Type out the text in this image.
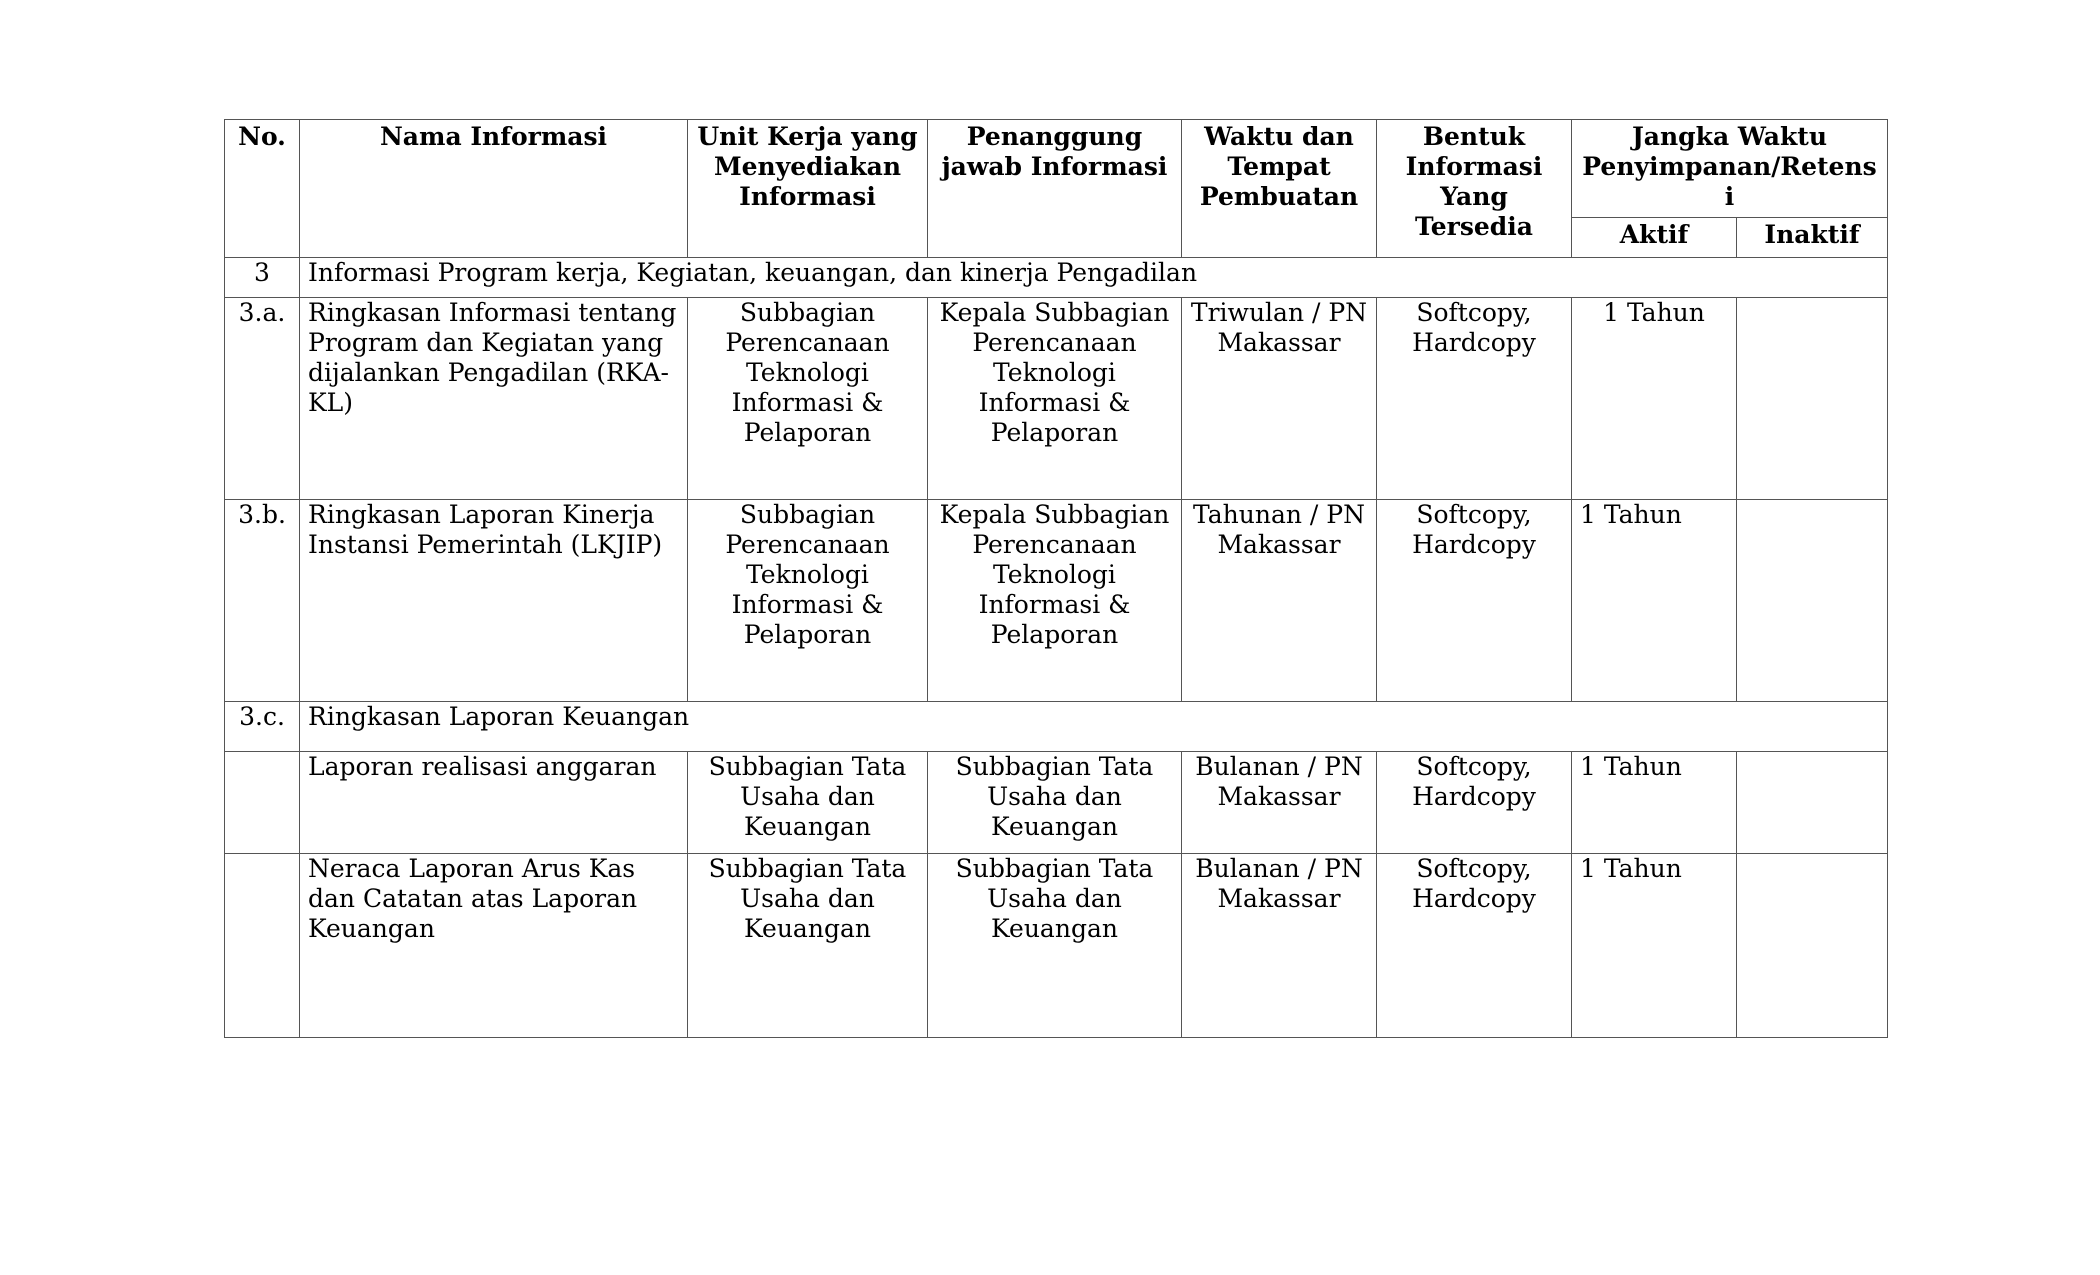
No.	Nama Informasi	Unit Kerja yang Menyediakan Informasi	Penanggung jawab Informasi	Waktu dan Tempat Pembuatan	Bentuk Informasi Yang Tersedia	Jangka Waktu Penyimpanan/Retensi	
						Aktif	Inaktif
3	Informasi Program kerja, Kegiatan, keuangan, dan kinerja Pengadilan						
3.a.	Ringkasan Informasi tentang Program dan Kegiatan yang dijalankan Pengadilan (RKA-KL)	Subbagian Perencanaan Teknologi Informasi & Pelaporan	Kepala Subbagian Perencanaan Teknologi Informasi & Pelaporan	Triwulan / PN Makassar	Softcopy, Hardcopy	1 Tahun	
3.b.	Ringkasan Laporan Kinerja Instansi Pemerintah (LKJIP)	Subbagian Perencanaan Teknologi Informasi & Pelaporan	Kepala Subbagian Perencanaan Teknologi Informasi & Pelaporan	Tahunan / PN Makassar	Softcopy, Hardcopy	1 Tahun	
3.c.	Ringkasan Laporan Keuangan						
	Laporan realisasi anggaran	Subbagian Tata Usaha dan Keuangan	Subbagian Tata Usaha dan Keuangan	Bulanan / PN Makassar	Softcopy, Hardcopy	1 Tahun	
	Neraca Laporan Arus Kas dan Catatan atas Laporan Keuangan	Subbagian Tata Usaha dan Keuangan	Subbagian Tata Usaha dan Keuangan	Bulanan / PN Makassar	Softcopy, Hardcopy	1 Tahun	
